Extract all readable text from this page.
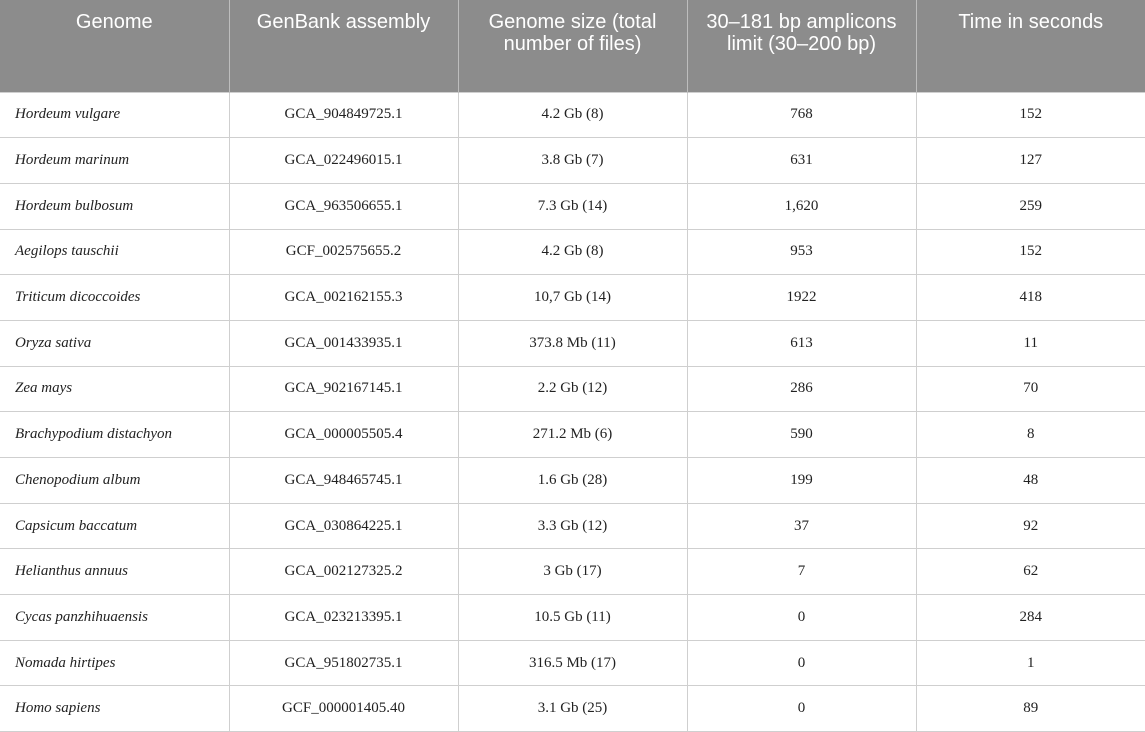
Genome	GenBank assembly	Genome size (total number of files)	30–181 bp amplicons limit (30–200 bp)	Time in seconds

Hordeum vulgare	GCA_904849725.1	4.2 Gb (8)	768	152
Hordeum marinum	GCA_022496015.1	3.8 Gb (7)	631	127
Hordeum bulbosum	GCA_963506655.1	7.3 Gb (14)	1,620	259
Aegilops tauschii	GCF_002575655.2	4.2 Gb (8)	953	152
Triticum dicoccoides	GCA_002162155.3	10,7 Gb (14)	1922	418
Oryza sativa	GCA_001433935.1	373.8 Mb (11)	613	11
Zea mays	GCA_902167145.1	2.2 Gb (12)	286	70
Brachypodium distachyon	GCA_000005505.4	271.2 Mb (6)	590	8
Chenopodium album	GCA_948465745.1	1.6 Gb (28)	199	48
Capsicum baccatum	GCA_030864225.1	3.3 Gb (12)	37	92
Helianthus annuus	GCA_002127325.2	3 Gb (17)	7	62
Cycas panzhihuaensis	GCA_023213395.1	10.5 Gb (11)	0	284
Nomada hirtipes	GCA_951802735.1	316.5 Mb (17)	0	1
Homo sapiens	GCF_000001405.40	3.1 Gb (25)	0	89
